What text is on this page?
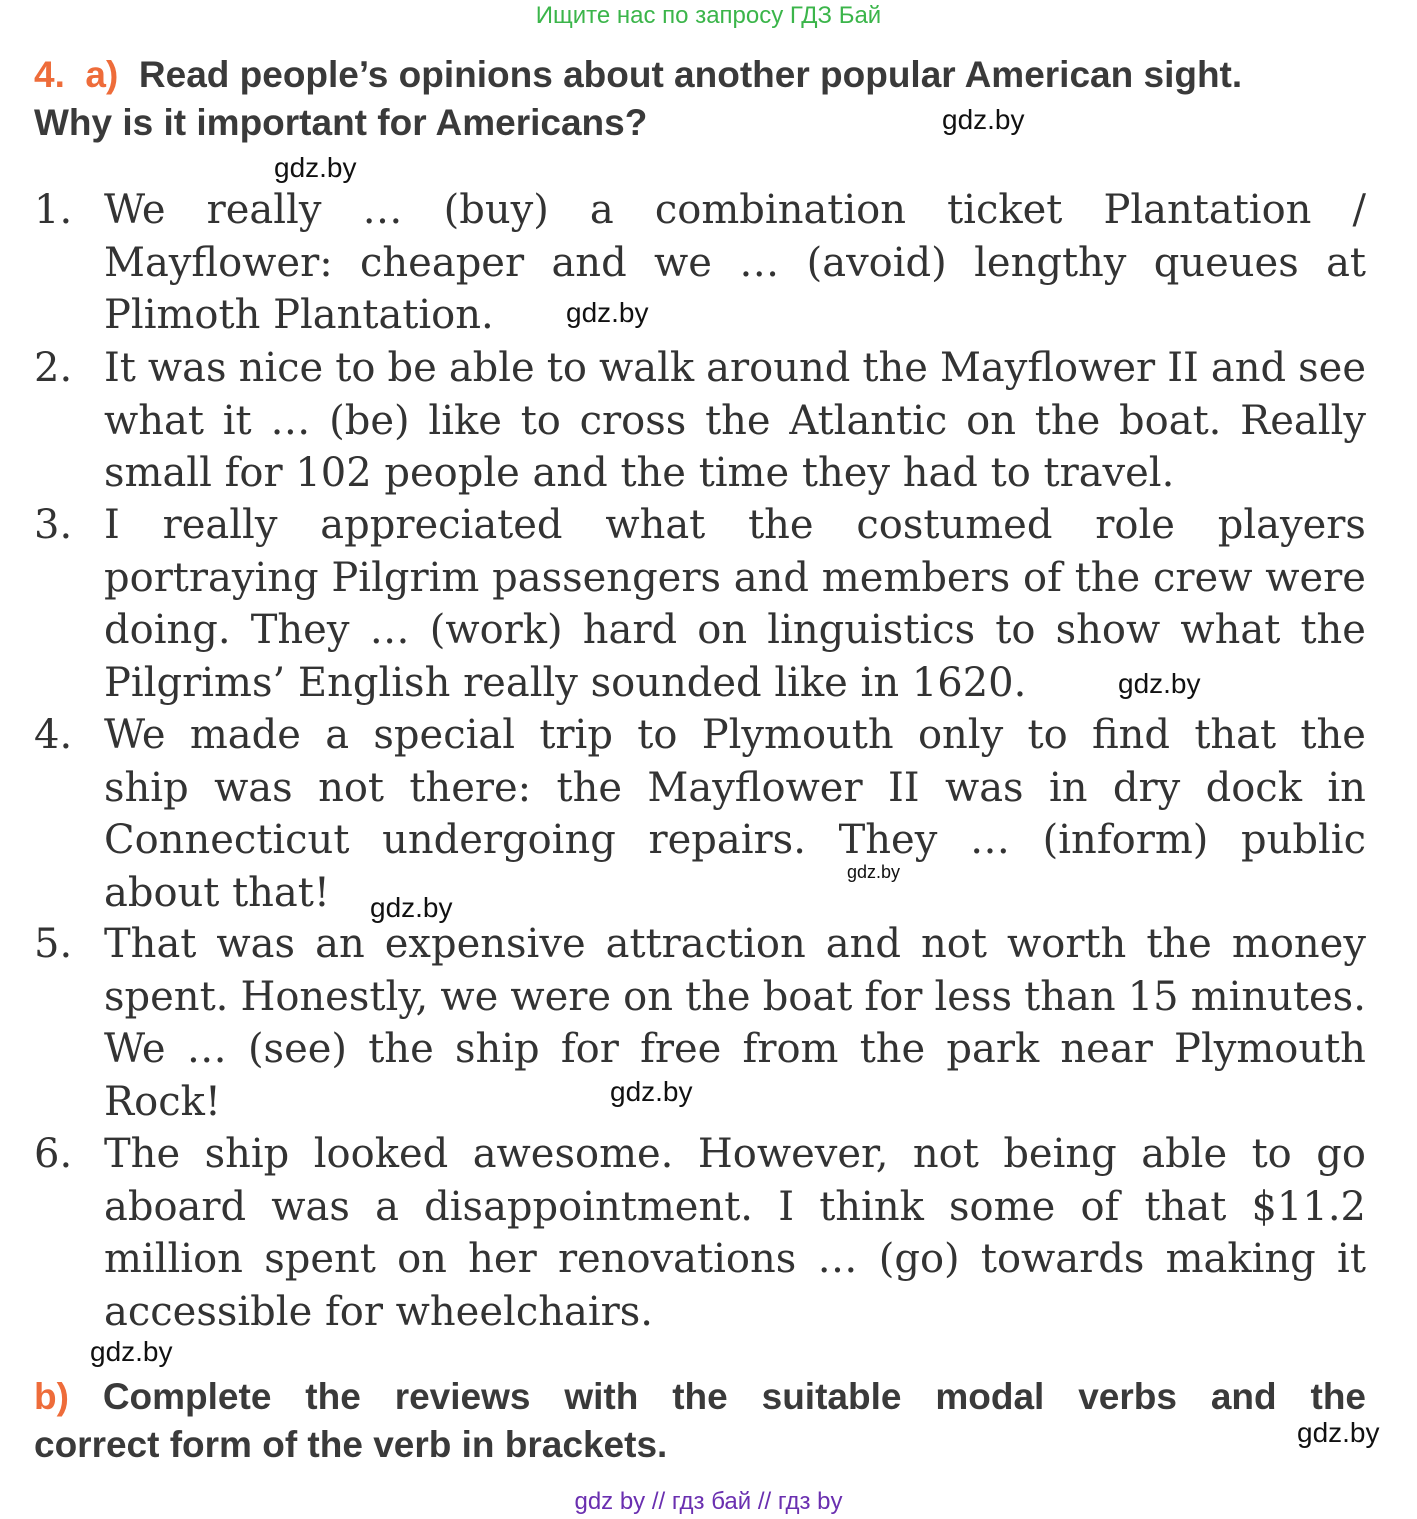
Ищите нас по запросу ГДЗ Бай
4. a) Read people’s opinions about another popular American sight.
Why is it important for Americans?	gdz.by
gdz.by
gdz.by
gdz.by
gdz.by
gdz.by
gdz.by
gdz.by
gdz.by
1. We really … (buy) a combination ticket Plantation /
Mayflower: cheaper and we … (avoid) lengthy queues at
Plimoth Plantation.
2. It was nice to be able to walk around the Mayflower II and see
what it … (be) like to cross the Atlantic on the boat. Really
small for 102 people and the time they had to travel.
3. I really appreciated what the costumed role players
portraying Pilgrim passengers and members of the crew were
doing. They … (work) hard on linguistics to show what the
Pilgrims’ English really sounded like in 1620.
4. We made a special trip to Plymouth only to find that the
ship was not there: the Mayflower II was in dry dock in
Connecticut undergoing repairs. They … (inform) public
about that!
5. That was an expensive attraction and not worth the money
spent. Honestly, we were on the boat for less than 15 minutes.
We … (see) the ship for free from the park near Plymouth
Rock!
6. The ship looked awesome. However, not being able to go
aboard was a disappointment. I think some of that $11.2
million spent on her renovations … (go) towards making it
accessible for wheelchairs.
b) Complete the reviews with the suitable modal verbs and the
correct form of the verb in brackets.
gdz by // гдз бай // гдз by
